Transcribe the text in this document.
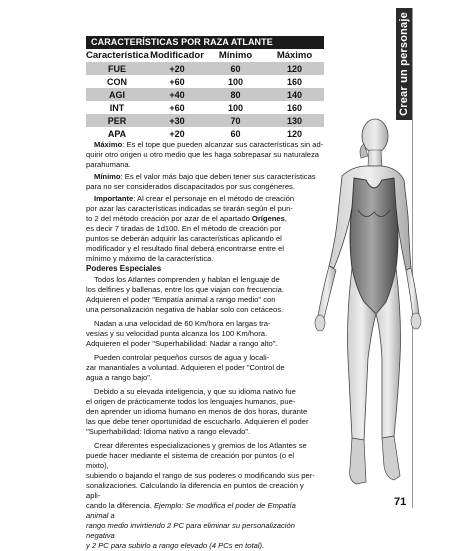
Crear un personaje
CARACTERÍSTICAS POR RAZA ATLANTE
Característica	Modificador	Mínimo	Máximo
FUE	+20	60	120
CON	+60	100	160
AGI	+40	80	140
INT	+60	100	160
PER	+30	70	130
APA	+20	60	120
Máximo: Es el tope que pueden alcanzar sus características sin ad-
quirir otro origen u otro medio que les haga sobrepasar su naturaleza
parahumana.
Mínimo: Es el valor más bajo que deben tener sus características
para no ser considerados discapacitados por sus congéneres.
Importante: Al crear el personaje en el método de creación
por azar las características indicadas se tirarán según el pun-
to 2 del método creación por azar de el apartado Orígenes,
es decir 7 tiradas de 1d100. En el método de creación por
puntos se deberán adquirir las características aplicando el
modificador y el resultado final deberá encontrarse entre el
mínimo y máximo de la característica.
Poderes Especiales
Todos los Atlantes comprenden y hablan el lenguaje de
los delfines y ballenas, entre los que viajan con frecuencia.
Adquieren el poder "Empatía animal a rango medio" con
una personalización negativa de hablar solo con cetáceos.
Nadan a una velocidad de 60 Km/hora en largas tra-
vesías y su velocidad punta alcanza los 100 Km/hora.
Adquieren el poder "Superhabilidad: Nadar a rango alto".
Pueden controlar pequeños cursos de agua y locali-
zar manantiales a voluntad. Adquieren el poder "Control de
agua a rango bajo".
Debido a su elevada inteligencia, y que su idioma nativo fue
el origen de prácticamente todos los lenguajes humanos, pue-
den aprender un idioma humano en menos de dos horas, durante
las que debe tener oportunidad de escucharlo. Adquieren el poder
"Superhabilidad: Idioma nativo a rango elevado".
Crear diferentes especializaciones y gremios de los Atlantes se
puede hacer mediante el sistema de creación por puntos (o el mixto),
subiendo o bajando el rango de sus poderes o modificando sus per-
sonalizaciones. Calculando la diferencia en puntos de creación y apli-
cando la diferencia. Ejemplo: Se modifica el poder de Empatía animal a
rango medio invirtiendo 2 PC para eliminar su personalización negativa
y 2 PC para subirlo a rango elevado (4 PCs en total).
71
